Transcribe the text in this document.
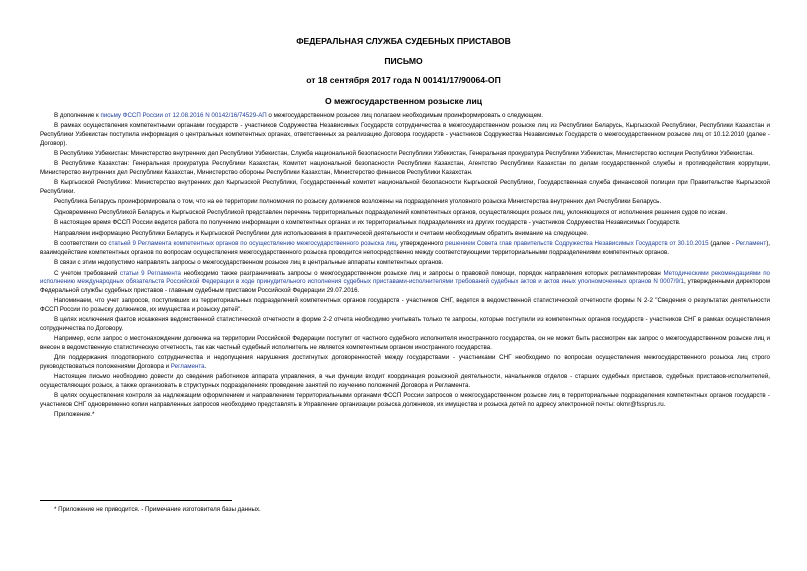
ФЕДЕРАЛЬНАЯ СЛУЖБА СУДЕБНЫХ ПРИСТАВОВ

ПИСЬМО

от 18 сентября 2017 года N 00141/17/90064-ОП

О межгосударственном розыске лиц

В дополнение к письму ФССП России от 12.08.2016 N 00142/16/74529-АП о межгосударственном розыске лиц полагаем необходимым проинформировать о следующем.

В рамках осуществления компетентными органами государств - участников Содружества Независимых Государств сотрудничества в межгосударственном розыске лиц из Республики Беларусь, Кыргызской Республики, Республики Казахстан и Республики Узбекистан поступила информация о центральных компетентных органах, ответственных за реализацию Договора государств - участников Содружества Независимых Государств о межгосударственном розыске лиц от 10.12.2010 (далее - Договор).

В Республике Узбекистан: Министерство внутренних дел Республики Узбекистан, Служба национальной безопасности Республики Узбекистан, Генеральная прокуратура Республики Узбекистан, Министерство юстиции Республики Узбекистан.

В Республике Казахстан: Генеральная прокуратура Республики Казахстан, Комитет национальной безопасности Республики Казахстан, Агентство Республики Казахстан по делам государственной службы и противодействия коррупции, Министерство внутренних дел Республики Казахстан, Министерство обороны Республики Казахстан, Министерство финансов Республики Казахстан.

В Кыргызской Республике: Министерство внутренних дел Кыргызской Республики, Государственный комитет национальной безопасности Кыргызской Республики, Государственная служба финансовой полиции при Правительстве Кыргызской Республики.

Республика Беларусь проинформировала о том, что на ее территории полномочия по розыску должников возложены на подразделения уголовного розыска Министерства внутренних дел Республики Беларусь.

Одновременно Республикой Беларусь и Кыргызской Республикой представлен перечень территориальных подразделений компетентных органов, осуществляющих розыск лиц, уклоняющихся от исполнения решения судов по искам.

В настоящее время ФССП России ведется работа по получению информации о компетентных органах и их территориальных подразделениях из других государств - участников Содружества Независимых Государств.

Направляем информацию Республики Беларусь и Кыргызской Республики для использования в практической деятельности и считаем необходимым обратить внимание на следующее.

В соответствии со статьей 9 Регламента компетентных органов по осуществлению межгосударственного розыска лиц, утвержденного решением Совета глав правительств Содружества Независимых Государств от 30.10.2015 (далее - Регламент), взаимодействие компетентных органов по вопросам осуществления межгосударственного розыска проводится непосредственно между соответствующими территориальными подразделениями компетентных органов.

В связи с этим недопустимо направлять запросы о межгосударственном розыске лиц в центральные аппараты компетентных органов.

С учетом требований статьи 9 Регламента необходимо также разграничивать запросы о межгосударственном розыске лиц и запросы о правовой помощи, порядок направления которых регламентирован Методическими рекомендациями по исполнению международных обязательств Российской Федерации в ходе принудительного исполнения судебных приставами-исполнителями требований судебных актов и актов иных уполномоченных органов N 0007/9/1, утвержденными директором Федеральной службы судебных приставов - главным судебным приставом Российской Федерации 29.07.2016.

Напоминаем, что учет запросов, поступивших из территориальных подразделений компетентных органов государств - участников СНГ, ведется в ведомственной статистической отчетности формы N 2-2 "Сведения о результатах деятельности ФССП России по розыску должников, их имущества и розыску детей".

В целях исключения фактов искажения ведомственной статистической отчетности в форме 2-2 отчета необходимо учитывать только те запросы, которые поступили из компетентных органов государств - участников СНГ в рамках осуществления сотрудничества по Договору.

Например, если запрос о местонахождении должника на территории Российской Федерации поступит от частного судебного исполнителя иностранного государства, он не может быть рассмотрен как запрос о межгосударственном розыске лиц и внесен в ведомственную статистическую отчетность, так как частный судебный исполнитель не является компетентным органом иностранного государства.

Для поддержания плодотворного сотрудничества и недопущения нарушения достигнутых договоренностей между государствами - участниками СНГ необходимо по вопросам осуществления межгосударственного розыска лиц строго руководствоваться положениями Договора и Регламента.

Настоящее письмо необходимо довести до сведения работников аппарата управления, в чьи функции входит координация розыскной деятельности, начальников отделов - старших судебных приставов, судебных приставов-исполнителей, осуществляющих розыск, а также организовать в структурных подразделениях проведение занятий по изучению положений Договора и Регламента.

В целях осуществления контроля за надлежащим оформлением и направлением территориальными органами ФССП России запросов о межгосударственном розыске лиц в территориальные подразделения компетентных органов государств - участников СНГ одновременно копии направленных запросов необходимо представлять в Управление организации розыска должников, их имущества и розыска детей по адресу электронной почты: okmr@fssprus.ru.

Приложение.*

* Приложение не приводится. - Примечание изготовителя базы данных.
